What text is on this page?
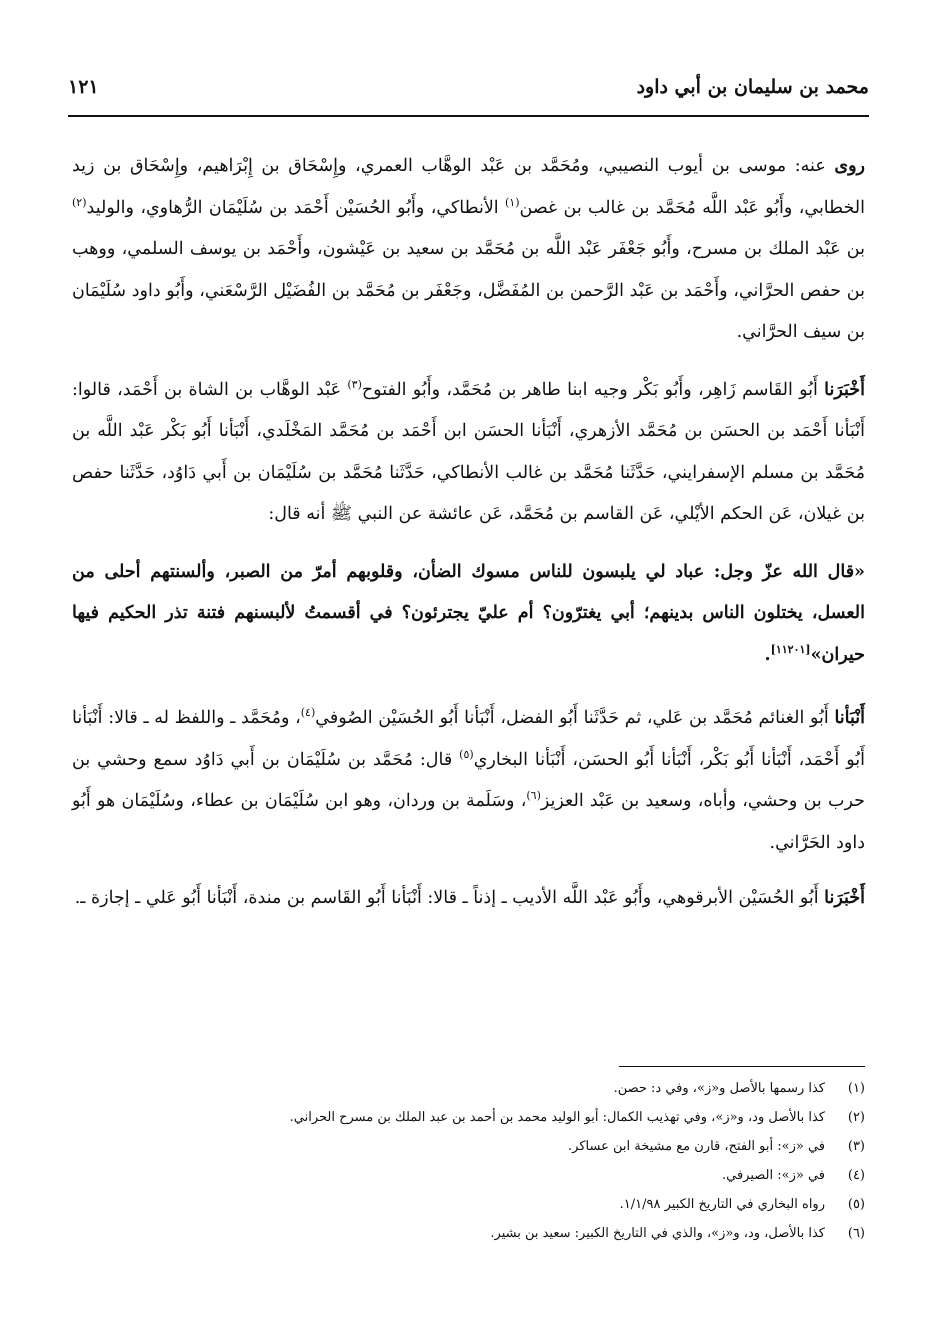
محمد بن سليمان بن أبي داود
١٢١

روى عنه: موسى بن أيوب النصيبي، ومُحَمَّد بن عَبْد الوهَّاب العمري، وإِسْحَاق بن إِبْرَاهيم، وإِسْحَاق بن زيد الخطابي، وأَبُو عَبْد اللَّه مُحَمَّد بن غالب بن غصن$^{(١)}$ الأنطاكي، وأَبُو الحُسَيْن أَحْمَد بن سُلَيْمَان الرُّهاوي، والوليد$^{(٢)}$ بن عَبْد الملك بن مسرح، وأَبُو جَعْفَر عَبْد اللَّه بن مُحَمَّد بن سعيد بن عَيْشون، وأَحْمَد بن يوسف السلمي، ووهب بن حفص الحرَّاني، وأَحْمَد بن عَبْد الرَّحمن بن المُفَضَّل، وجَعْفَر بن مُحَمَّد بن الفُضَيْل الرَّسْعَني، وأَبُو داود سُلَيْمَان بن سيف الحرَّاني.

أَخْبَرَنا أَبُو القَاسم زَاهِر، وأَبُو بَكْر وجيه ابنا طاهر بن مُحَمَّد، وأَبُو الفتوح$^{(٣)}$ عَبْد الوهَّاب بن الشاة بن أَحْمَد، قالوا: أَنْبَأنا أَحْمَد بن الحسَن بن مُحَمَّد الأزهري، أَنْبَأنا الحسَن ابن أَحْمَد بن مُحَمَّد المَخْلَدي، أَنْبَأنا أَبُو بَكْر عَبْد اللَّه بن مُحَمَّد بن مسلم الإسفرايني، حَدَّثَنا مُحَمَّد بن غالب الأنطاكي، حَدَّثَنا مُحَمَّد بن سُلَيْمَان بن أَبي دَاوُد، حَدَّثَنا حفص بن غيلان، عَن الحكم الأيْلي، عَن القاسم بن مُحَمَّد، عَن عائشة عن النبي ﷺ أنه قال:

«قال الله عزّ وجل: عباد لي يلبسون للناس مسوك الضأن، وقلوبهم أمرّ من الصبر، وألسنتهم أحلى من العسل، يختلون الناس بدينهم؛ أبي يغترّون؟ أم عليّ يجترئون؟ في أقسمتُ لألبسنهم فتنة تذر الحكيم فيها حيران»[١١٢٠١].

أَنْبَأنا أَبُو الغنائم مُحَمَّد بن عَلي، ثم حَدَّثَنا أَبُو الفضل، أَنْبَأنا أَبُو الحُسَيْن الصُوفي$^{(٤)}$، ومُحَمَّد ـ واللفظ له ـ قالا: أَنْبَأنا أَبُو أَحْمَد، أَنْبَأنا أَبُو بَكْر، أَنْبَأنا أَبُو الحسَن، أَنْبَأنا البخاري$^{(٥)}$ قال: مُحَمَّد بن سُلَيْمَان بن أَبي دَاوُد سمع وحشي بن حرب بن وحشي، وأباه، وسعيد بن عَبْد العزيز$^{(٦)}$، وسَلَمة بن وردان، وهو ابن سُلَيْمَان بن عطاء، وسُلَيْمَان هو أَبُو داود الحَرَّاني.

أَخْبَرَنا أَبُو الحُسَيْن الأبرقوهي، وأَبُو عَبْد اللَّه الأديب ـ إذناً ـ قالا: أَنْبَأنا أَبُو القَاسم بن مندة، أَنْبَأنا أَبُو عَلي ـ إجازة ـ.

(١)
كذا رسمها بالأصل و«ز»، وفي د: حصن.
(٢)
كذا بالأصل ود، و«ز»، وفي تهذيب الكمال: أبو الوليد محمد بن أحمد بن عبد الملك بن مسرح الحراني.
(٣)
في «ز»: أبو الفتح، قارن مع مشيخة ابن عساكر.
(٤)
في «ز»: الصيرفي.
(٥)
رواه البخاري في التاريخ الكبير ١/١/٩٨.
(٦)
كذا بالأصل، ود، و«ز»، والذي في التاريخ الكبير: سعيد بن بشير.
